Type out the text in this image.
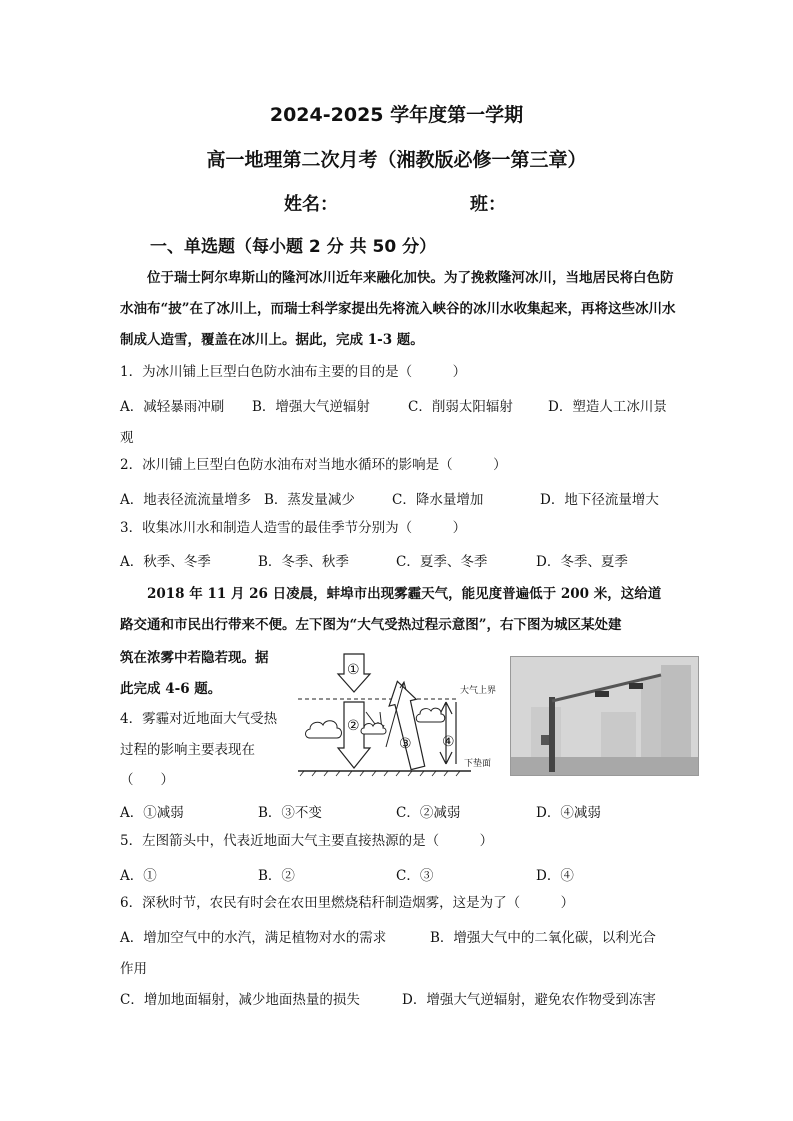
2024-2025 学年度第一学期
高一地理第二次月考（湘教版必修一第三章）
姓名：	班：
一、单选题（每小题 2 分 共 50 分）
位于瑞士阿尔卑斯山的隆河冰川近年来融化加快。为了挽救隆河冰川，当地居民将白色防水油布“披”在了冰川上，而瑞士科学家提出先将流入峡谷的冰川水收集起来，再将这些冰川水制成人造雪，覆盖在冰川上。据此，完成 1-3 题。
1．为冰川铺上巨型白色防水油布主要的目的是（　　　）
A．减轻暴雨冲刷 B．增强大气逆辐射	C．削弱太阳辐射	D．塑造人工冰川景
观
2．冰川铺上巨型白色防水油布对当地水循环的影响是（　　　）
A．地表径流流量增多 B．蒸发量减少	C．降水量增加	D．地下径流量增大
3．收集冰川水和制造人造雪的最佳季节分别为（　　　）
A．秋季、冬季	B．冬季、秋季	C．夏季、冬季	D．冬季、夏季
2018 年 11 月 26 日凌晨，蚌埠市出现雾霾天气，能见度普遍低于 200 米，这给道
路交通和市民出行带来不便。左下图为“大气受热过程示意图”，右下图为城区某处建
筑在浓雾中若隐若现。据
此完成 4-6 题。
①
②
③ ④
大气上界
下垫面
4．雾霾对近地面大气受热
过程的影响主要表现在
（　　）
A．①减弱	B．③不变	C．②减弱	D．④减弱
5．左图箭头中，代表近地面大气主要直接热源的是（　　　）
A．①	B．②	C．③	D．④
6．深秋时节，农民有时会在农田里燃烧秸秆制造烟雾，这是为了（　　　）
A．增加空气中的水汽，满足植物对水的需求	B．增强大气中的二氧化碳，以利光合
作用
C．增加地面辐射，减少地面热量的损失	D．增强大气逆辐射，避免农作物受到冻害
